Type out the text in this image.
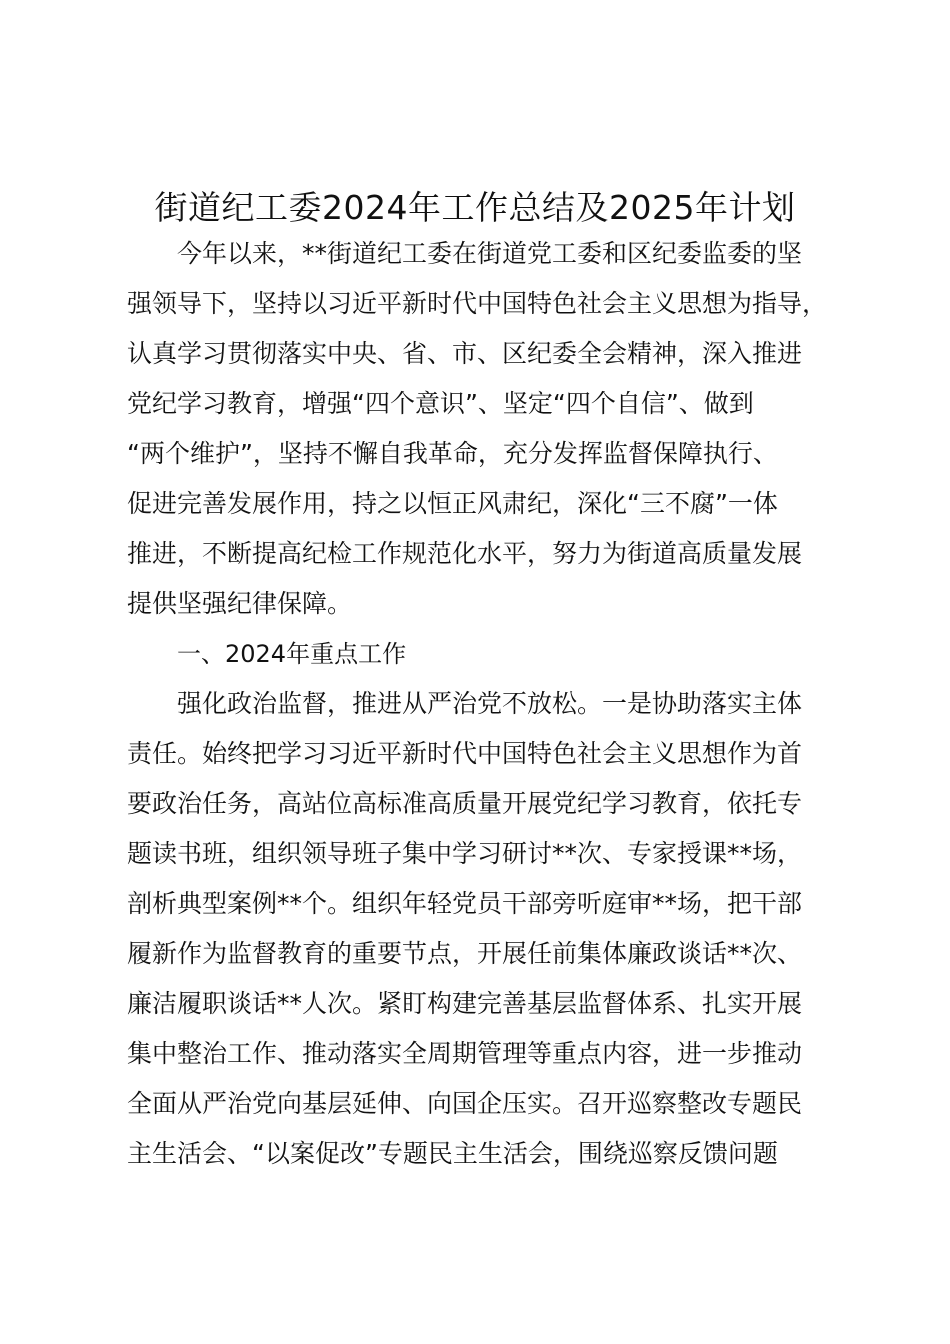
街道纪工委2024年工作总结及2025年计划
今年以来，**街道纪工委在街道党工委和区纪委监委的坚
强领导下，坚持以习近平新时代中国特色社会主义思想为指导，
认真学习贯彻落实中央、省、市、区纪委全会精神，深入推进
党纪学习教育，增强“四个意识”、坚定“四个自信”、做到
“两个维护”，坚持不懈自我革命，充分发挥监督保障执行、
促进完善发展作用，持之以恒正风肃纪，深化“三不腐”一体
推进，不断提高纪检工作规范化水平，努力为街道高质量发展
提供坚强纪律保障。
一、2024年重点工作
强化政治监督，推进从严治党不放松。一是协助落实主体
责任。始终把学习习近平新时代中国特色社会主义思想作为首
要政治任务，高站位高标准高质量开展党纪学习教育，依托专
题读书班，组织领导班子集中学习研讨**次、专家授课**场，
剖析典型案例**个。组织年轻党员干部旁听庭审**场，把干部
履新作为监督教育的重要节点，开展任前集体廉政谈话**次、
廉洁履职谈话**人次。紧盯构建完善基层监督体系、扎实开展
集中整治工作、推动落实全周期管理等重点内容，进一步推动
全面从严治党向基层延伸、向国企压实。召开巡察整改专题民
主生活会、“以案促改”专题民主生活会，围绕巡察反馈问题
